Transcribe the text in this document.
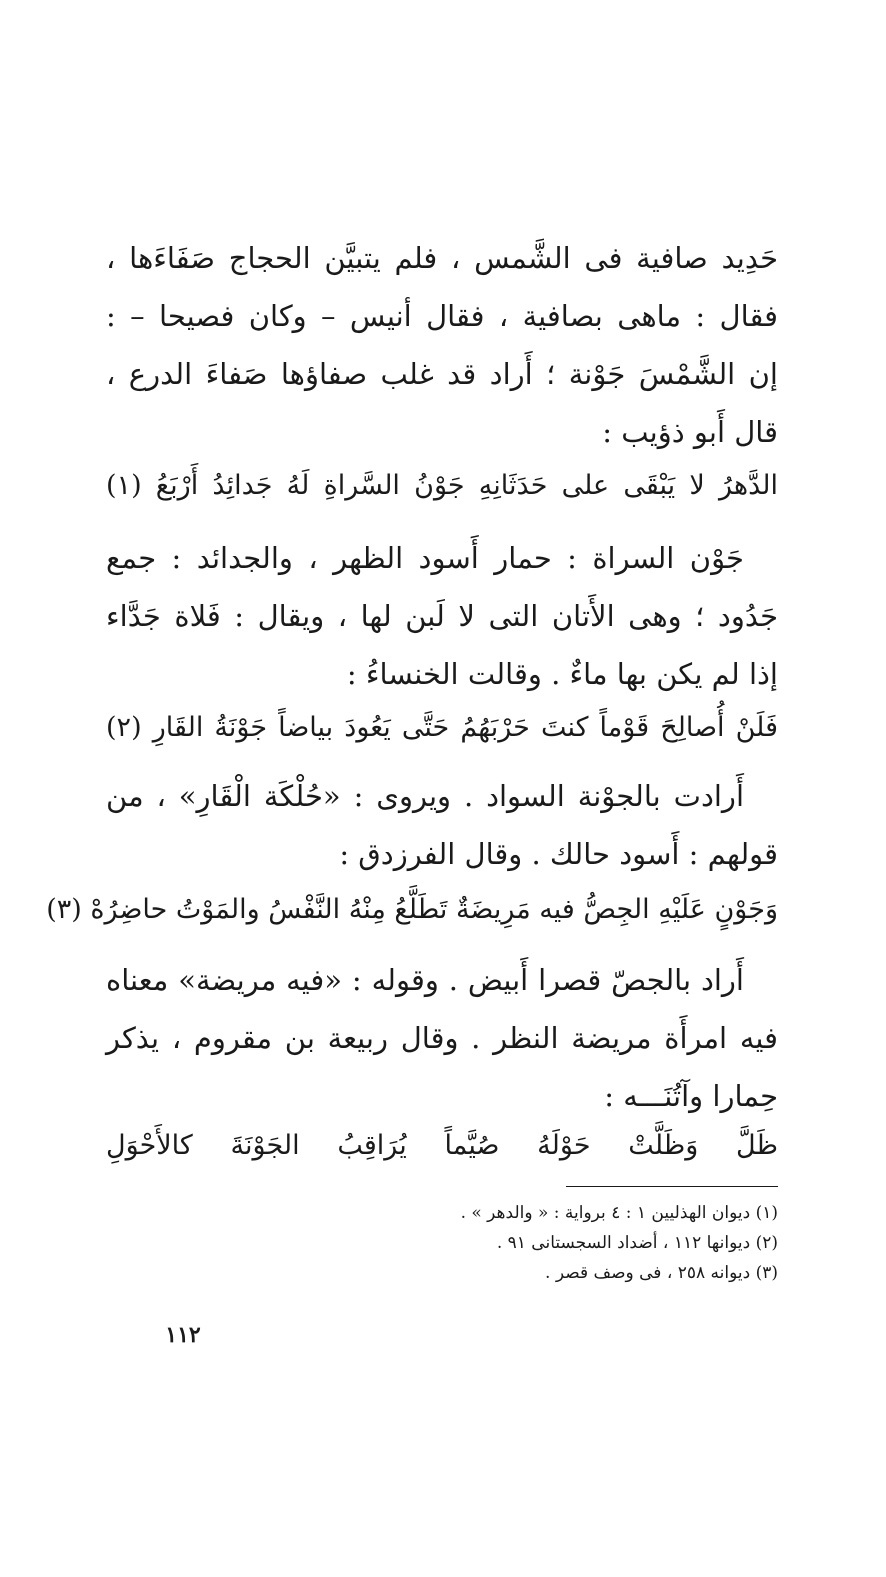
حَدِيد صافية فى الشَّمس ، فلم يتبيَّن الحجاج صَفَاءَها ،
فقال : ماهى بصافية ، فقال أنيس – وكان فصيحا – :
إن الشَّمْسَ جَوْنة ؛ أَراد قد غلب صفاؤها صَفاءَ الدرع ،
قال أَبو ذؤيب :
الدَّهرُ لا يَبْقَى على حَدَثَانِهِ جَوْنُ السَّراةِ لَهُ جَدائِدُ أَرْبَعُ (١)
جَوْن السراة : حمار أَسود الظهر ، والجدائد : جمع
جَدُود ؛ وهى الأَتان التى لا لَبن لها ، ويقال : فَلاة جَدَّاء
إذا لم يكن بها ماءٌ . وقالت الخنساءُ :
فَلَنْ أُصالِحَ قَوْماً كنتَ حَرْبَهُمُ حَتَّى يَعُودَ بياضاً جَوْنَةُ القَارِ (٢)
أَرادت بالجوْنة السواد . ويروى : «حُلْكَة الْقَارِ» ، من
قولهم : أَسود حالك . وقال الفرزدق :
وَجَوْنٍ عَلَيْهِ الجِصُّ فيه مَرِيضَةٌ تَطَلَّعُ مِنْهُ النَّفْسُ والمَوْتُ حاضِرُهْ (٣)
أَراد بالجصّ قصرا أَبيض . وقوله : «فيه مريضة» معناه
فيه امرأَة مريضة النظر . وقال ربيعة بن مقروم ، يذكر
حِمارا وآتُنَـــه :
ظَلَّ وَظَلَّتْ حَوْلَهُ صُيَّماً يُرَاقِبُ الجَوْنَةَ كالأَحْوَلِ
(١) ديوان الهذليين ١ : ٤ برواية : « والدهر » .
(٢) ديوانها ١١٢ ، أضداد السجستانى ٩١ .
(٣) ديوانه ٢٥٨ ، فى وصف قصر .
١١٢
